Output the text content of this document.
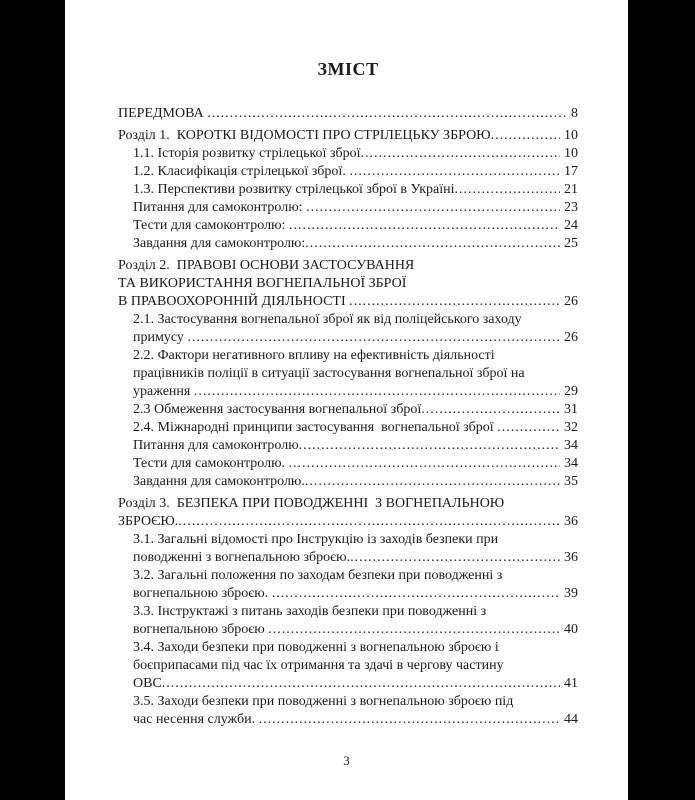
ЗМІСТ
ПЕРЕДМОВА .....	8
Розділ 1.  КОРОТКІ ВІДОМОСТІ ПРО СТРІЛЕЦЬКУ ЗБРОЮ .....	10
1.1. Історія розвитку стрілецької зброї .....	10
1.2. Класифікація стрілецької зброї. .....	17
1.3. Перспективи розвитку стрілецької зброї в Україні .....	21
Питання для самоконтролю: .....	23
Тести для самоконтролю: .....	24
Завдання для самоконтролю: .....	25
Розділ 2.  ПРАВОВІ ОСНОВИ ЗАСТОСУВАННЯ
ТА ВИКОРИСТАННЯ ВОГНЕПАЛЬНОЇ ЗБРОЇ
В ПРАВООХОРОННІЙ ДІЯЛЬНОСТІ .....	26
2.1. Застосування вогнепальної зброї як від поліцейського заходу
примусу .....	26
2.2. Фактори негативного впливу на ефективність діяльності
працівників поліції в ситуації застосування вогнепальної зброї на
ураження .....	29
2.3 Обмеження застосування вогнепальної зброї .....	31
2.4. Міжнародні принципи застосування  вогнепальної зброї .....	32
Питання для самоконтролю .....	34
Тести для самоконтролю. .....	34
Завдання для самоконтролю. .....	35
Розділ 3.  БЕЗПЕКА ПРИ ПОВОДЖЕННІ  З ВОГНЕПАЛЬНОЮ
ЗБРОЄЮ. .....	36
3.1. Загальні відомості про Інструкцію із заходів безпеки при
поводженні з вогнепальною зброєю. .....	36
3.2. Загальні положення по заходам безпеки при поводженні з
вогнепальною зброєю. .....	39
3.3. Інструктажі з питань заходів безпеки при поводженні з
вогнепальною зброєю .....	40
3.4. Заходи безпеки при поводженні з вогнепальною зброєю і
боєприпасами під час їх отримання та здачі в чергову частину
ОВС .....	41
3.5. Заходи безпеки при поводженні з вогнепальною зброєю під
час несення служби. .....	44
3
